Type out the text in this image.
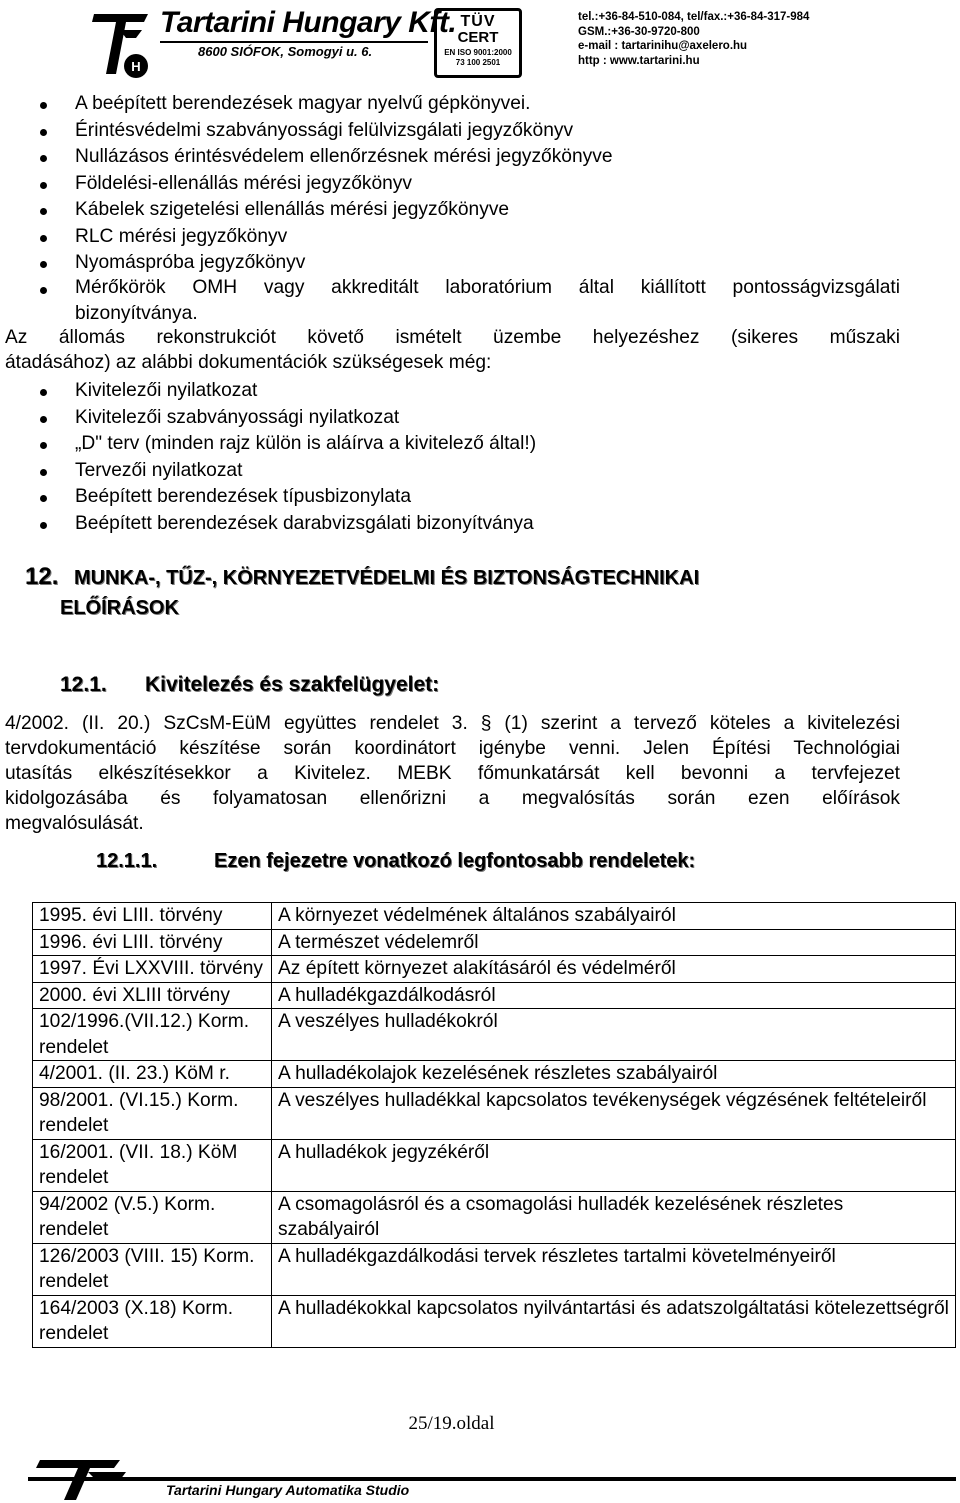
H
Tartarini Hungary Kft.
8600 SIÓFOK, Somogyi u. 6.
TÜV
CERT
EN ISO 9001:2000
73 100 2501
tel.:+36-84-510-084, tel/fax.:+36-84-317-984
GSM.:+36-30-9720-800
e-mail : tartarinihu@axelero.hu
http : www.tartarini.hu
A beépített berendezések magyar nyelvű gépkönyvei.
Érintésvédelmi szabványossági felülvizsgálati jegyzőkönyv
Nullázásos érintésvédelem ellenőrzésnek mérési jegyzőkönyve
Földelési-ellenállás mérési jegyzőkönyv
Kábelek szigetelési ellenállás mérési jegyzőkönyve
RLC mérési jegyzőkönyv
Nyomáspróba jegyzőkönyv
Mérőkörök OMH vagy akkreditált laboratórium által kiállított pontosságvizsgálati
bizonyítványa.
Az állomás rekonstrukciót követő ismételt üzembe helyezéshez (sikeres műszaki
átadásához) az alábbi dokumentációk szükségesek még:
Kivitelezői nyilatkozat
Kivitelezői szabványossági nyilatkozat
„D" terv (minden rajz külön is aláírva a kivitelező által!)
Tervezői nyilatkozat
Beépített berendezések típusbizonylata
Beépített berendezések darabvizsgálati bizonyítványa
12. MUNKA-, TŰZ-, KÖRNYEZETVÉDELMI ÉS BIZTONSÁGTECHNIKAI
ELŐÍRÁSOK
12.1. Kivitelezés és szakfelügyelet:
4/2002. (II. 20.) SzCsM-EüM együttes rendelet 3. § (1) szerint a tervező köteles a kivitelezési
tervdokumentáció készítése során koordinátort igénybe venni. Jelen Építési Technológiai
utasítás elkészítésekkor a Kivitelez. MEBK főmunkatársát kell bevonni a tervfejezet
kidolgozásába és folyamatosan ellenőrizni a megvalósítás során ezen előírások
megvalósulását.
12.1.1.	Ezen fejezetre vonatkozó legfontosabb rendeletek:
1995. évi LIII. törvény	A környezet védelmének általános szabályairól
1996. évi LIII. törvény	A természet védelemről
1997. Évi LXXVIII. törvény	Az épített környezet alakításáról és védelméről
2000. évi XLIII törvény	A hulladékgazdálkodásról
102/1996.(VII.12.) Korm. rendelet	A veszélyes hulladékokról
4/2001. (II. 23.) KöM r.	A hulladékolajok kezelésének részletes szabályairól
98/2001. (VI.15.) Korm. rendelet	A veszélyes hulladékkal kapcsolatos tevékenységek végzésének feltételeiről
16/2001. (VII. 18.) KöM rendelet	A hulladékok jegyzékéről
94/2002 (V.5.) Korm. rendelet	A csomagolásról és a csomagolási hulladék kezelésének részletes szabályairól
126/2003 (VIII. 15) Korm. rendelet	A hulladékgazdálkodási tervek részletes tartalmi követelményeiről
164/2003 (X.18) Korm. rendelet	A hulladékokkal kapcsolatos nyilvántartási és adatszolgáltatási kötelezettségről
25/19.oldal
Tartarini Hungary Automatika Studio
